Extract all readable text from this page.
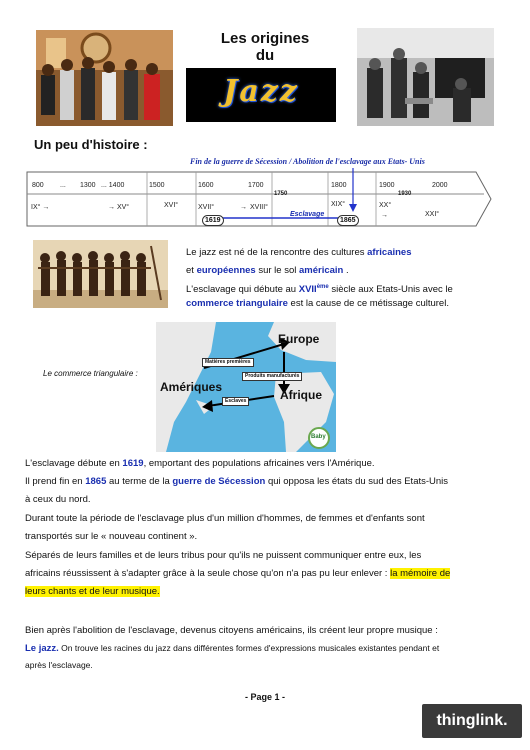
Les origines
du
Jazz
Un peu d'histoire :
Fin de la guerre de Sécession / Abolition de l'esclavage aux Etats- Unis
800 ... 1300 ... 1400	1500	1600	1700	1800	1900	2000
1750	1930
IX° →	→ XV°	XVI°	XVII°	→ XVIII°	XIX°	XX°
→	XXI°
Esclavage
1619	1865
Le jazz est né de la rencontre des cultures africaines
et européennes sur le sol américain .
L'esclavage qui débute au XVIIème siècle aux Etats-Unis avec le
commerce triangulaire est la cause de ce métissage culturel.
Le commerce triangulaire :
Europe
Amériques
Afrique
Matières premières
Produits manufacturés
Esclaves
Baby
L'esclavage débute en 1619, emportant des populations africaines vers l'Amérique.
Il prend fin en 1865 au terme de la guerre de Sécession qui opposa les états du sud des Etats-Unis
à ceux du nord.
Durant toute la période de l'esclavage plus d'un million d'hommes, de femmes et d'enfants sont
transportés sur le « nouveau continent ».
Séparés de leurs familles et de leurs tribus pour qu'ils ne puissent communiquer entre eux, les
africains réussissent à s'adapter grâce à la seule chose qu'on n'a pas pu leur enlever : la mémoire de
leurs chants et de leur musique.
Bien après l'abolition de l'esclavage, devenus citoyens américains, ils créent leur propre musique :
Le jazz. On trouve les racines du jazz dans différentes formes d'expressions musicales existantes pendant et
après l'esclavage.
- Page 1 -
thinglink.
